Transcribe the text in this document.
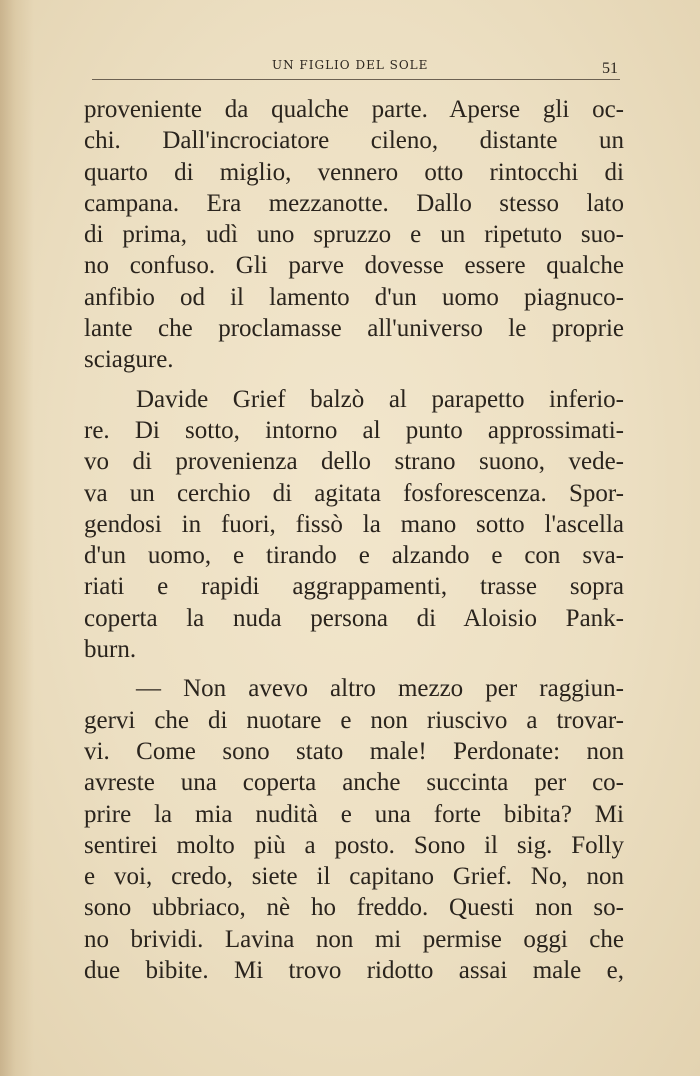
UN FIGLIO DEL SOLE	51
proveniente da qualche parte. Aperse gli oc-
chi. Dall'incrociatore cileno, distante un
quarto di miglio, vennero otto rintocchi di
campana. Era mezzanotte. Dallo stesso lato
di prima, udì uno spruzzo e un ripetuto suo-
no confuso. Gli parve dovesse essere qualche
anfibio od il lamento d'un uomo piagnuco-
lante che proclamasse all'universo le proprie
sciagure.
Davide Grief balzò al parapetto inferio-
re. Di sotto, intorno al punto approssimati-
vo di provenienza dello strano suono, vede-
va un cerchio di agitata fosforescenza. Spor-
gendosi in fuori, fissò la mano sotto l'ascella
d'un uomo, e tirando e alzando e con sva-
riati e rapidi aggrappamenti, trasse sopra
coperta la nuda persona di Aloisio Pank-
burn.
— Non avevo altro mezzo per raggiun-
gervi che di nuotare e non riuscivo a trovar-
vi. Come sono stato male! Perdonate: non
avreste una coperta anche succinta per co-
prire la mia nudità e una forte bibita? Mi
sentirei molto più a posto. Sono il sig. Folly
e voi, credo, siete il capitano Grief. No, non
sono ubbriaco, nè ho freddo. Questi non so-
no brividi. Lavina non mi permise oggi che
due bibite. Mi trovo ridotto assai male e,
